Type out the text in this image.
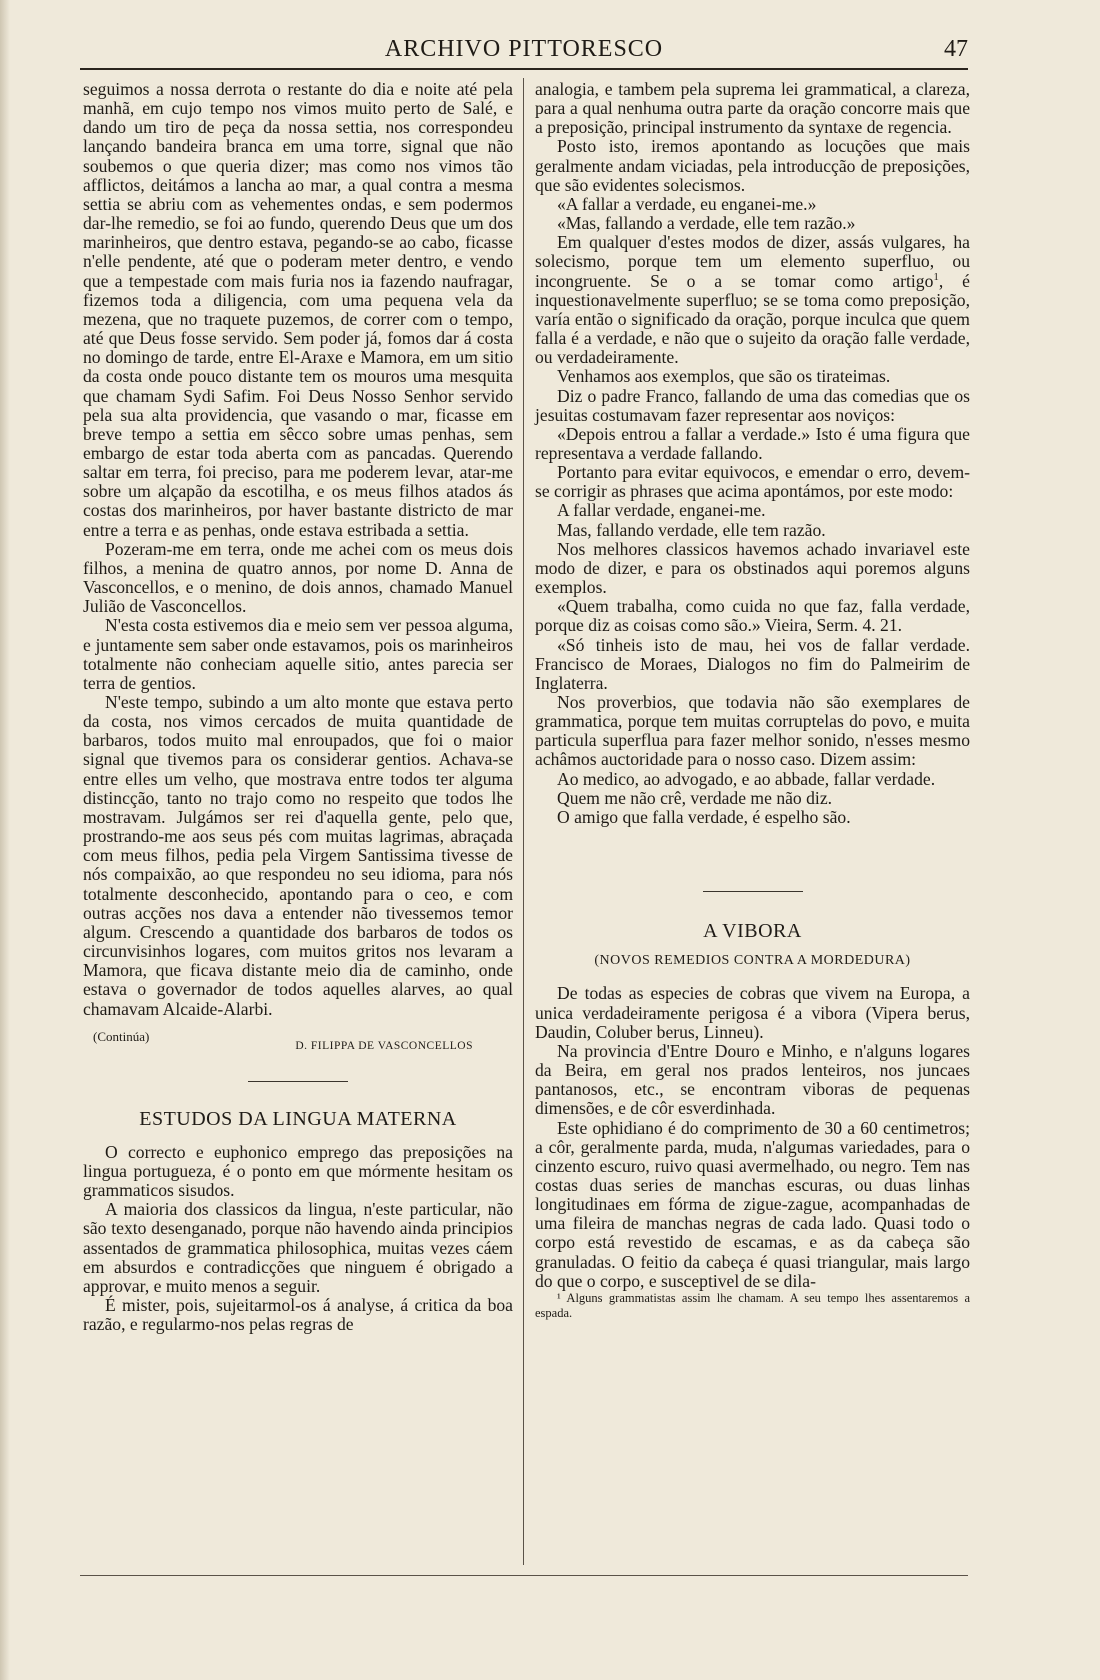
ARCHIVO PITTORESCO	47

seguimos a nossa derrota o restante do dia e noite até pela manhã, em cujo tempo nos vimos muito perto de Salé, e dando um tiro de peça da nossa settia, nos correspondeu lançando bandeira branca em uma torre, signal que não soubemos o que queria dizer; mas como nos vimos tão afflictos, deitámos a lancha ao mar, a qual contra a mesma settia se abriu com as vehementes ondas, e sem podermos dar-lhe remedio, se foi ao fundo, querendo Deus que um dos marinheiros, que dentro estava, pegando-se ao cabo, ficasse n'elle pendente, até que o poderam meter dentro, e vendo que a tempestade com mais furia nos ia fazendo naufragar, fizemos toda a diligencia, com uma pequena vela da mezena, que no traquete puzemos, de correr com o tempo, até que Deus fosse servido. Sem poder já, fomos dar á costa no domingo de tarde, entre El-Araxe e Mamora, em um sitio da costa onde pouco distante tem os mouros uma mesquita que chamam Sydi Safim. Foi Deus Nosso Senhor servido pela sua alta providencia, que vasando o mar, ficasse em breve tempo a settia em sêcco sobre umas penhas, sem embargo de estar toda aberta com as pancadas. Querendo saltar em terra, foi preciso, para me poderem levar, atar-me sobre um alçapão da escotilha, e os meus filhos atados ás costas dos marinheiros, por haver bastante districto de mar entre a terra e as penhas, onde estava estribada a settia.

Pozeram-me em terra, onde me achei com os meus dois filhos, a menina de quatro annos, por nome D. Anna de Vasconcellos, e o menino, de dois annos, chamado Manuel Julião de Vasconcellos.

N'esta costa estivemos dia e meio sem ver pessoa alguma, e juntamente sem saber onde estavamos, pois os marinheiros totalmente não conheciam aquelle sitio, antes parecia ser terra de gentios.

N'este tempo, subindo a um alto monte que estava perto da costa, nos vimos cercados de muita quantidade de barbaros, todos muito mal enroupados, que foi o maior signal que tivemos para os considerar gentios. Achava-se entre elles um velho, que mostrava entre todos ter alguma distincção, tanto no trajo como no respeito que todos lhe mostravam. Julgámos ser rei d'aquella gente, pelo que, prostrando-me aos seus pés com muitas lagrimas, abraçada com meus filhos, pedia pela Virgem Santissima tivesse de nós compaixão, ao que respondeu no seu idioma, para nós totalmente desconhecido, apontando para o ceo, e com outras acções nos dava a entender não tivessemos temor algum. Crescendo a quantidade dos barbaros de todos os circunvisinhos logares, com muitos gritos nos levaram a Mamora, que ficava distante meio dia de caminho, onde estava o governador de todos aquelles alarves, ao qual chamavam Alcaide-Alarbi.

(Continúa)
D. FILIPPA DE VASCONCELLOS
ESTUDOS DA LINGUA MATERNA

O correcto e euphonico emprego das preposições na lingua portugueza, é o ponto em que mórmente hesitam os grammaticos sisudos.

A maioria dos classicos da lingua, n'este particular, não são texto desenganado, porque não havendo ainda principios assentados de grammatica philosophica, muitas vezes cáem em absurdos e contradicções que ninguem é obrigado a approvar, e muito menos a seguir.

É mister, pois, sujeitarmol-os á analyse, á critica da boa razão, e regularmo-nos pelas regras de

analogia, e tambem pela suprema lei grammatical, a clareza, para a qual nenhuma outra parte da oração concorre mais que a preposição, principal instrumento da syntaxe de regencia.

Posto isto, iremos apontando as locuções que mais geralmente andam viciadas, pela introducção de preposições, que são evidentes solecismos.

«A fallar a verdade, eu enganei-me.»

«Mas, fallando a verdade, elle tem razão.»

Em qualquer d'estes modos de dizer, assás vulgares, ha solecismo, porque tem um elemento superfluo, ou incongruente. Se o a se tomar como artigo$^1$, é inquestionavelmente superfluo; se se toma como preposição, varía então o significado da oração, porque inculca que quem falla é a verdade, e não que o sujeito da oração falle verdade, ou verdadeiramente.

Venhamos aos exemplos, que são os tirateimas.

Diz o padre Franco, fallando de uma das comedias que os jesuitas costumavam fazer representar aos noviços:

«Depois entrou a fallar a verdade.» Isto é uma figura que representava a verdade fallando.

Portanto para evitar equivocos, e emendar o erro, devem-se corrigir as phrases que acima apontámos, por este modo:

A fallar verdade, enganei-me.

Mas, fallando verdade, elle tem razão.

Nos melhores classicos havemos achado invariavel este modo de dizer, e para os obstinados aqui poremos alguns exemplos.

«Quem trabalha, como cuida no que faz, falla verdade, porque diz as coisas como são.» Vieira, Serm. 4. 21.

«Só tinheis isto de mau, hei vos de fallar verdade. Francisco de Moraes, Dialogos no fim do Palmeirim de Inglaterra.

Nos proverbios, que todavia não são exemplares de grammatica, porque tem muitas corruptelas do povo, e muita particula superflua para fazer melhor sonido, n'esses mesmo achâmos auctoridade para o nosso caso. Dizem assim:

Ao medico, ao advogado, e ao abbade, fallar verdade.

Quem me não crê, verdade me não diz.

O amigo que falla verdade, é espelho são.

A VIBORA
(NOVOS REMEDIOS CONTRA A MORDEDURA)

De todas as especies de cobras que vivem na Europa, a unica verdadeiramente perigosa é a vibora (Vipera berus, Daudin, Coluber berus, Linneu).

Na provincia d'Entre Douro e Minho, e n'alguns logares da Beira, em geral nos prados lenteiros, nos juncaes pantanosos, etc., se encontram viboras de pequenas dimensões, e de côr esverdinhada.

Este ophidiano é do comprimento de 30 a 60 centimetros; a côr, geralmente parda, muda, n'algumas variedades, para o cinzento escuro, ruivo quasi avermelhado, ou negro. Tem nas costas duas series de manchas escuras, ou duas linhas longitudinaes em fórma de zigue-zague, acompanhadas de uma fileira de manchas negras de cada lado. Quasi todo o corpo está revestido de escamas, e as da cabeça são granuladas. O feitio da cabeça é quasi triangular, mais largo do que o corpo, e susceptivel de se dila-

¹ Alguns grammatistas assim lhe chamam. A seu tempo lhes assentaremos a espada.
